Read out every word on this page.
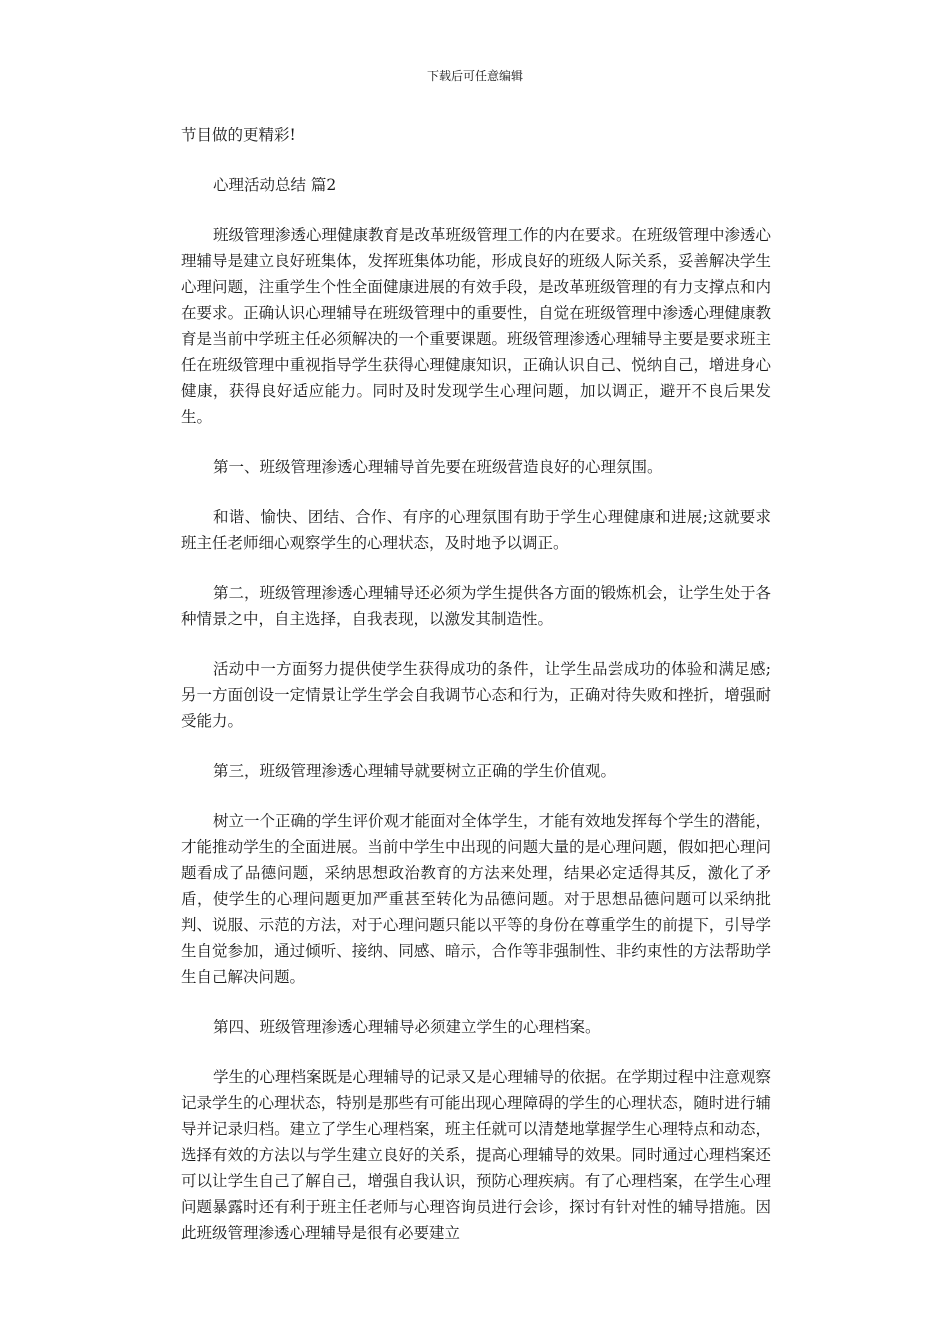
下载后可任意编辑

节目做的更精彩!

心理活动总结 篇2

班级管理渗透心理健康教育是改革班级管理工作的内在要求。在班级管理中渗透心理辅导是建立良好班集体，发挥班集体功能，形成良好的班级人际关系，妥善解决学生心理问题，注重学生个性全面健康进展的有效手段，是改革班级管理的有力支撑点和内在要求。正确认识心理辅导在班级管理中的重要性，自觉在班级管理中渗透心理健康教育是当前中学班主任必须解决的一个重要课题。班级管理渗透心理辅导主要是要求班主任在班级管理中重视指导学生获得心理健康知识，正确认识自己、悦纳自己，增进身心健康，获得良好适应能力。同时及时发现学生心理问题，加以调正，避开不良后果发生。

第一、班级管理渗透心理辅导首先要在班级营造良好的心理氛围。

和谐、愉快、团结、合作、有序的心理氛围有助于学生心理健康和进展;这就要求班主任老师细心观察学生的心理状态，及时地予以调正。

第二，班级管理渗透心理辅导还必须为学生提供各方面的锻炼机会，让学生处于各种情景之中，自主选择，自我表现，以激发其制造性。

活动中一方面努力提供使学生获得成功的条件，让学生品尝成功的体验和满足感;另一方面创设一定情景让学生学会自我调节心态和行为，正确对待失败和挫折，增强耐受能力。

第三，班级管理渗透心理辅导就要树立正确的学生价值观。

树立一个正确的学生评价观才能面对全体学生，才能有效地发挥每个学生的潜能，才能推动学生的全面进展。当前中学生中出现的问题大量的是心理问题，假如把心理问题看成了品德问题，采纳思想政治教育的方法来处理，结果必定适得其反，激化了矛盾，使学生的心理问题更加严重甚至转化为品德问题。对于思想品德问题可以采纳批判、说服、示范的方法，对于心理问题只能以平等的身份在尊重学生的前提下，引导学生自觉参加，通过倾听、接纳、同感、暗示，合作等非强制性、非约束性的方法帮助学生自己解决问题。

第四、班级管理渗透心理辅导必须建立学生的心理档案。

学生的心理档案既是心理辅导的记录又是心理辅导的依据。在学期过程中注意观察记录学生的心理状态，特别是那些有可能出现心理障碍的学生的心理状态，随时进行辅导并记录归档。建立了学生心理档案，班主任就可以清楚地掌握学生心理特点和动态，选择有效的方法以与学生建立良好的关系，提高心理辅导的效果。同时通过心理档案还可以让学生自己了解自己，增强自我认识，预防心理疾病。有了心理档案，在学生心理问题暴露时还有利于班主任老师与心理咨询员进行会诊，探讨有针对性的辅导措施。因此班级管理渗透心理辅导是很有必要建立
